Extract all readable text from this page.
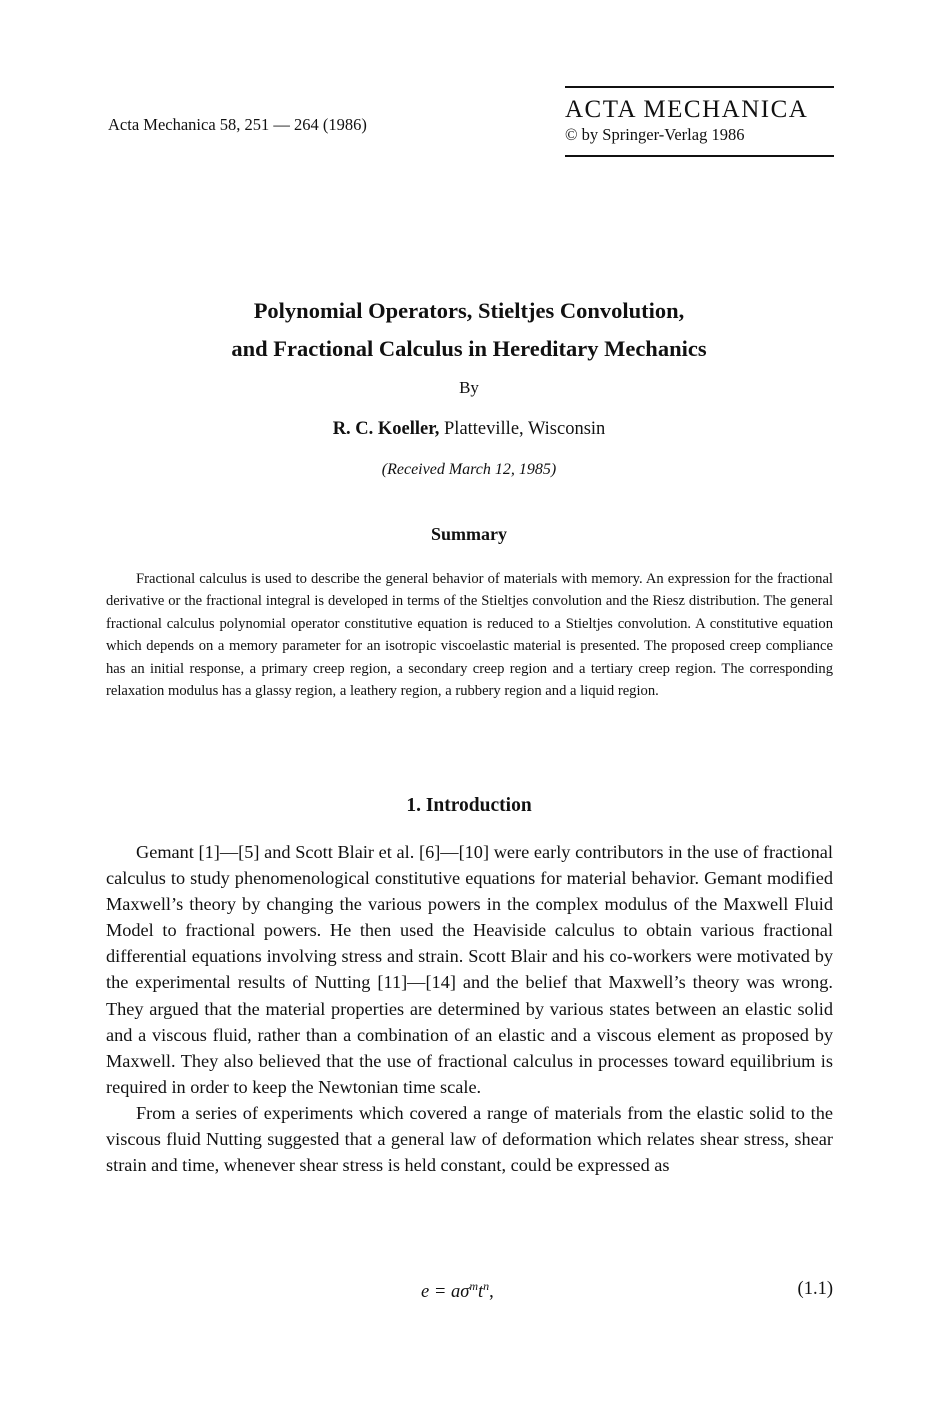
Acta Mechanica 58, 251 — 264 (1986)
ACTA MECHANICA
© by Springer-Verlag 1986
Polynomial Operators, Stieltjes Convolution,
and Fractional Calculus in Hereditary Mechanics
By
R. C. Koeller, Platteville, Wisconsin
(Received March 12, 1985)
Summary
Fractional calculus is used to describe the general behavior of materials with memory. An expression for the fractional derivative or the fractional integral is developed in terms of the Stieltjes convolution and the Riesz distribution. The general fractional calculus polynomial operator constitutive equation is reduced to a Stieltjes convolution. A constitutive equation which depends on a memory parameter for an isotropic viscoelastic material is presented. The proposed creep compliance has an initial response, a primary creep region, a secondary creep region and a tertiary creep region. The corresponding relaxation modulus has a glassy region, a leathery region, a rubbery region and a liquid region.
1. Introduction

Gemant [1]—[5] and Scott Blair et al. [6]—[10] were early contributors in the use of fractional calculus to study phenomenological constitutive equations for material behavior. Gemant modified Maxwell’s theory by changing the various powers in the complex modulus of the Maxwell Fluid Model to fractional powers. He then used the Heaviside calculus to obtain various fractional differential equations involving stress and strain. Scott Blair and his co-workers were motivated by the experimental results of Nutting [11]—[14] and the belief that Maxwell’s theory was wrong. They argued that the material properties are determined by various states between an elastic solid and a viscous fluid, rather than a combination of an elastic and a viscous element as proposed by Maxwell. They also believed that the use of fractional calculus in processes toward equilibrium is required in order to keep the Newtonian time scale.

From a series of experiments which covered a range of materials from the elastic solid to the viscous fluid Nutting suggested that a general law of deformation which relates shear stress, shear strain and time, whenever shear stress is held constant, could be expressed as

$e = a\sigma^mt^n$,	(1.1)
